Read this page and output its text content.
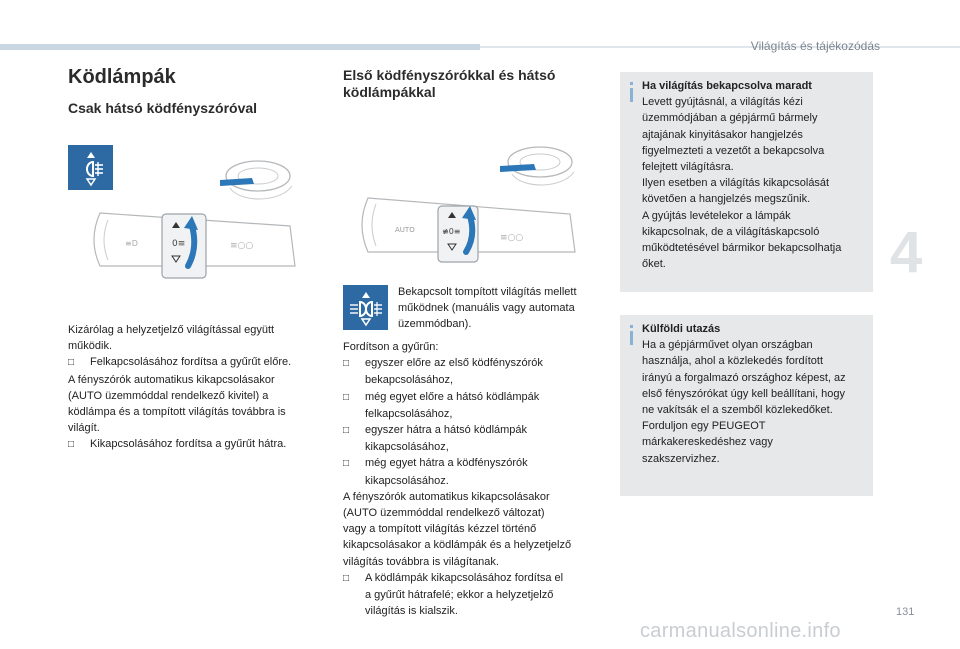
Világítás és tájékozódás
4
131
carmanualsonline.info
Ködlámpák
Csak hátsó ködfényszóróval
0≡	≡○○
≡D

Kizárólag a helyzetjelző világítással együtt

működik.

□ Felkapcsolásához fordítsa a gyűrűt előre.

A fényszórók automatikus kikapcsolásakor

(AUTO üzemmóddal rendelkező kivitel) a

ködlámpa és a tompított világítás továbbra is

világít.

□ Kikapcsolásához fordítsa a gyűrűt hátra.

Első ködfényszórókkal és hátsó
ködlámpákkal
≢0≡
AUTO
≡○○

Bekapcsolt tompított világítás mellett

működnek (manuális vagy automata

üzemmódban).

Fordítson a gyűrűn:

□ egyszer előre az első ködfényszórók

bekapcsolásához,

□ még egyet előre a hátsó ködlámpák

felkapcsolásához,

□ egyszer hátra a hátsó ködlámpák

kikapcsolásához,

□ még egyet hátra a ködfényszórók

kikapcsolásához.

A fényszórók automatikus kikapcsolásakor

(AUTO üzemmóddal rendelkező változat)

vagy a tompított világítás kézzel történő

kikapcsolásakor a ködlámpák és a helyzetjelző

világítás továbbra is világítanak.

□ A ködlámpák kikapcsolásához fordítsa el

a gyűrűt hátrafelé; ekkor a helyzetjelző

világítás is kialszik.

Ha világítás bekapcsolva maradt
Levett gyújtásnál, a világítás kézi
üzemmódjában a gépjármű bármely
ajtajának kinyitásakor hangjelzés
figyelmezteti a vezetőt a bekapcsolva
felejtett világításra.
Ilyen esetben a világítás kikapcsolását
követően a hangjelzés megszűnik.
A gyújtás levételekor a lámpák
kikapcsolnak, de a világításkapcsoló
működtetésével bármikor bekapcsolhatja
őket.
Külföldi utazás
Ha a gépjárművet olyan országban
használja, ahol a közlekedés fordított
irányú a forgalmazó országhoz képest, az
első fényszórókat úgy kell beállítani, hogy
ne vakítsák el a szemből közlekedőket.
Forduljon egy PEUGEOT
márkakereskedéshez vagy
szakszervizhez.
